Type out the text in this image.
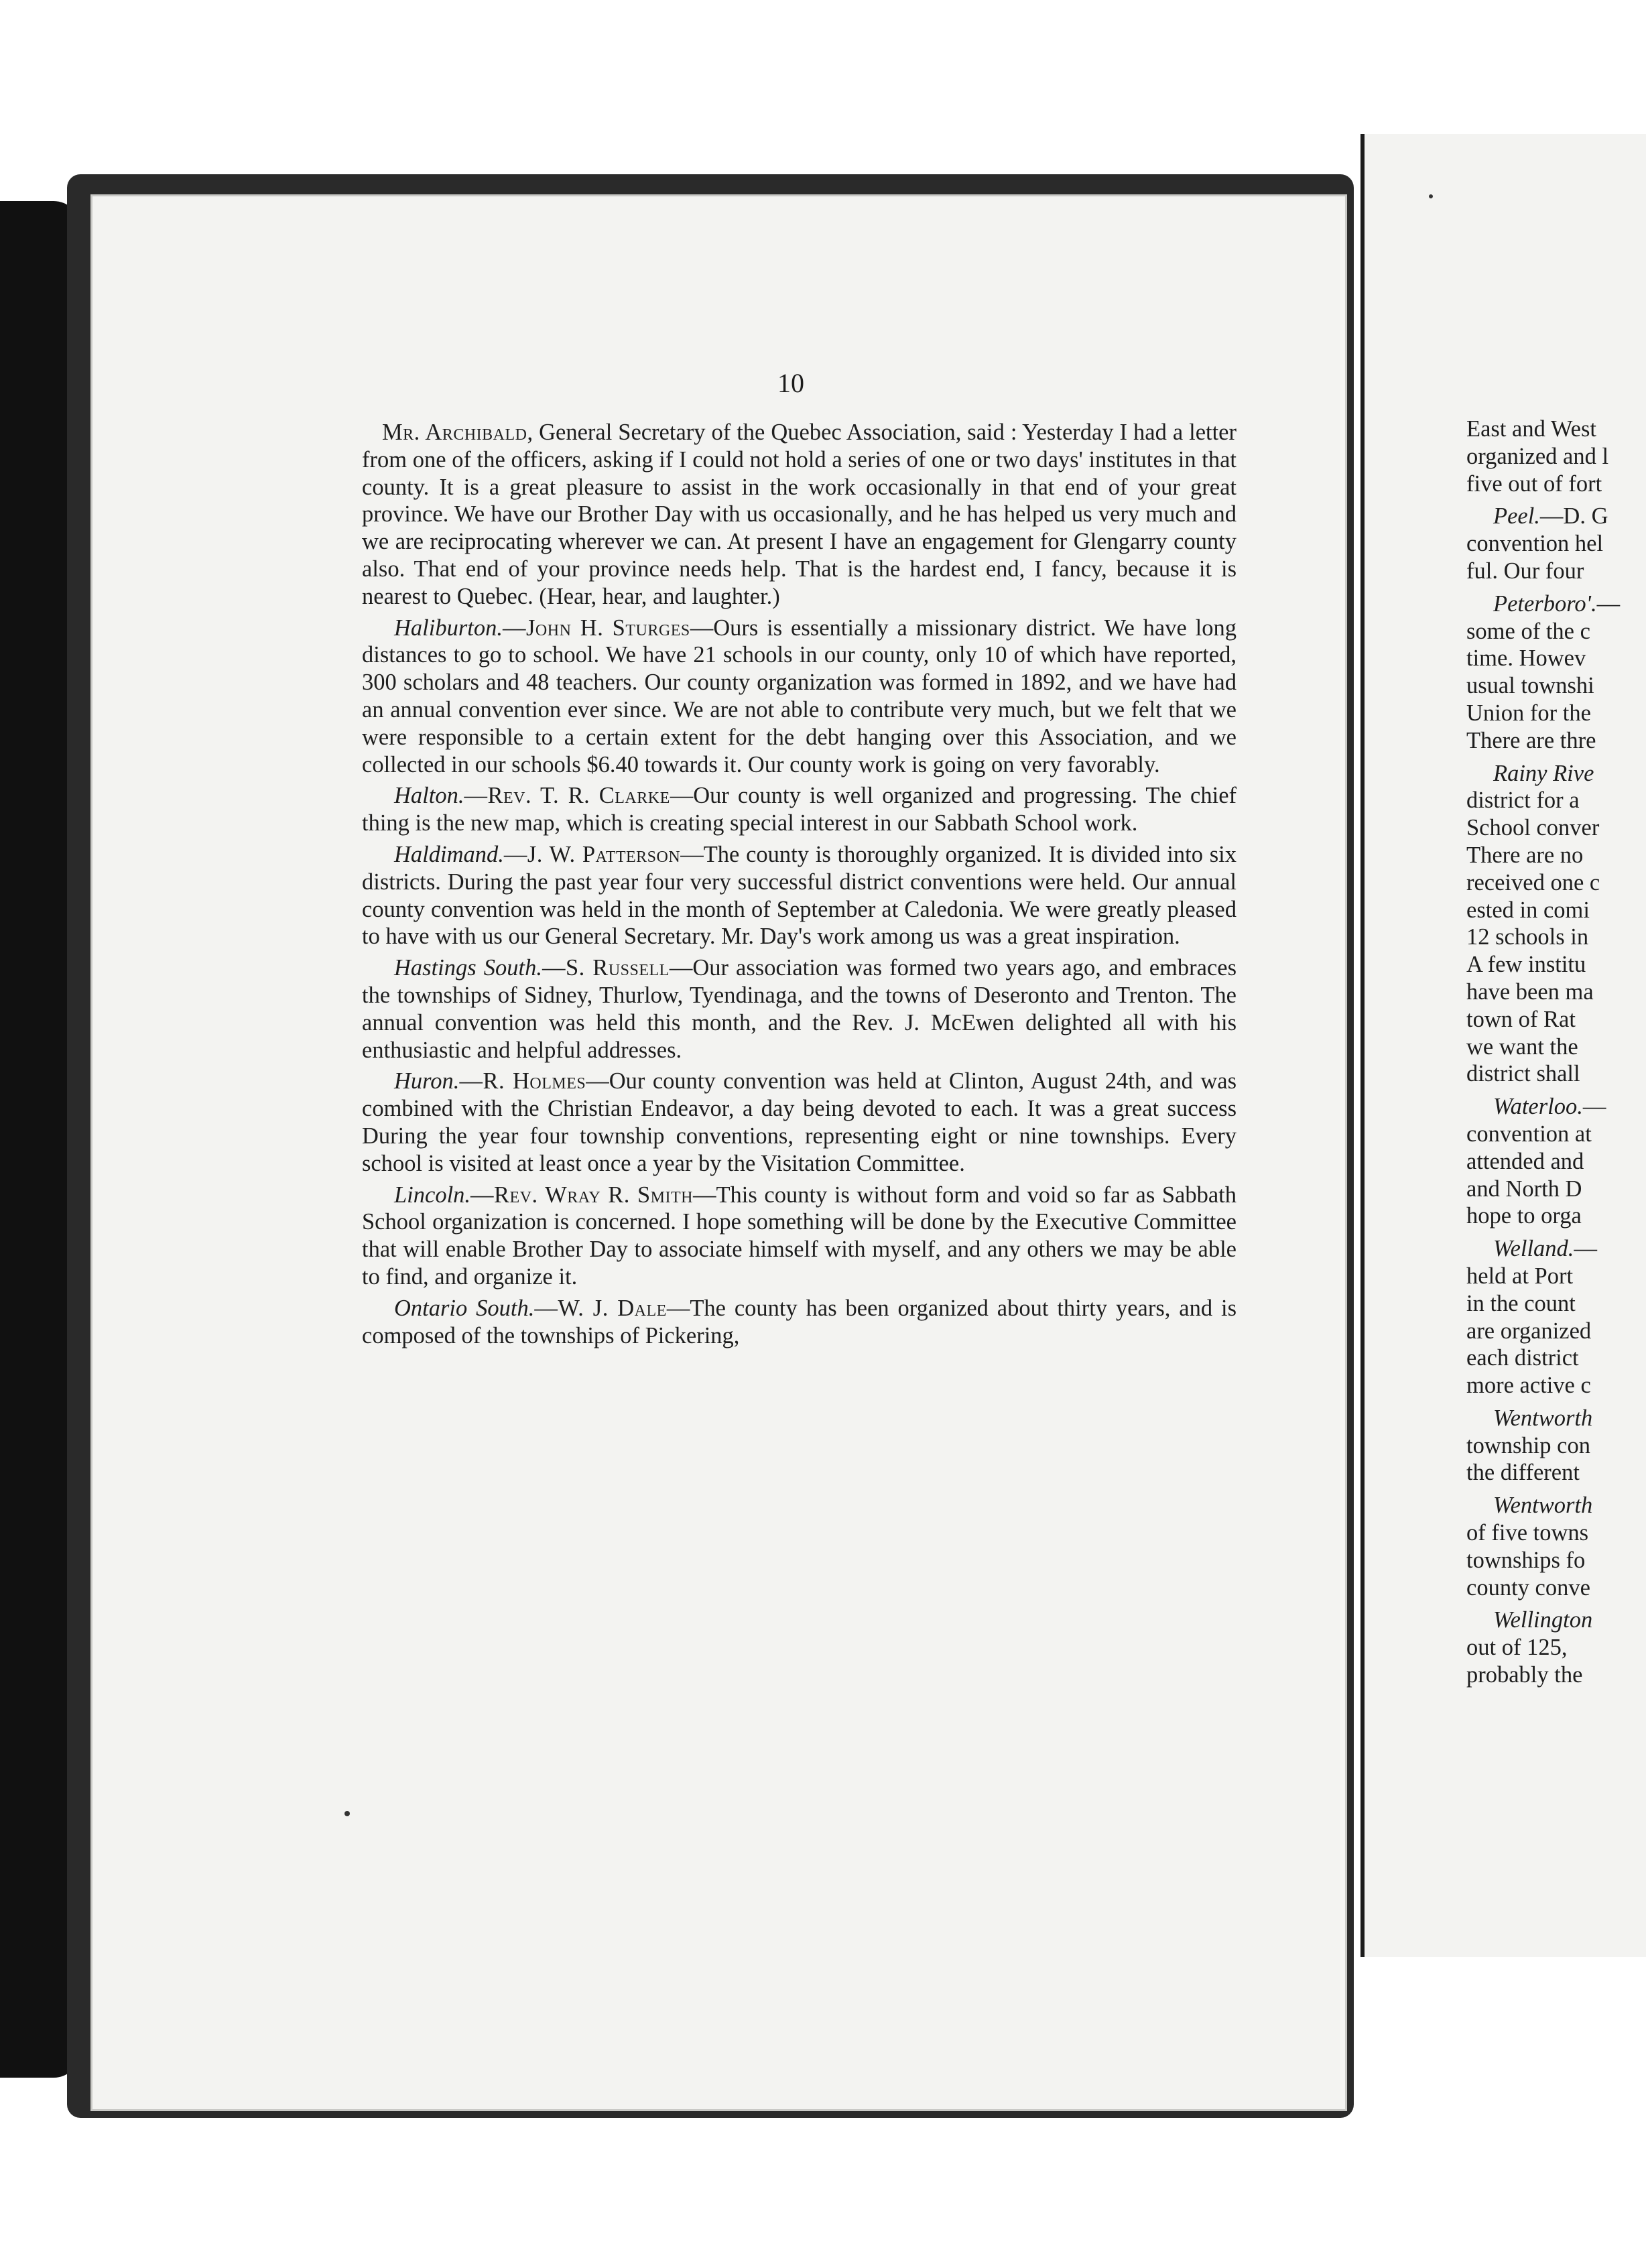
10

Mr. Archibald, General Secretary of the Quebec Association, said : Yesterday I had a letter from one of the officers, asking if I could not hold a series of one or two days' institutes in that county. It is a great pleasure to assist in the work occasionally in that end of your great province. We have our Brother Day with us occasionally, and he has helped us very much and we are reciprocating wherever we can. At present I have an engagement for Glengarry county also. That end of your province needs help. That is the hardest end, I fancy, because it is nearest to Quebec. (Hear, hear, and laughter.)

Haliburton.—John H. Sturges—Ours is essentially a missionary district. We have long distances to go to school. We have 21 schools in our county, only 10 of which have reported, 300 scholars and 48 teachers. Our county organization was formed in 1892, and we have had an annual convention ever since. We are not able to contribute very much, but we felt that we were responsible to a certain extent for the debt hanging over this Association, and we collected in our schools $6.40 towards it. Our county work is going on very favorably.

Halton.—Rev. T. R. Clarke—Our county is well organized and progressing. The chief thing is the new map, which is creating special interest in our Sabbath School work.

Haldimand.—J. W. Patterson—The county is thoroughly organized. It is divided into six districts. During the past year four very successful district conventions were held. Our annual county convention was held in the month of September at Caledonia. We were greatly pleased to have with us our General Secretary. Mr. Day's work among us was a great inspiration.

Hastings South.—S. Russell—Our association was formed two years ago, and embraces the townships of Sidney, Thurlow, Tyendinaga, and the towns of Deseronto and Trenton. The annual convention was held this month, and the Rev. J. McEwen delighted all with his enthusiastic and helpful addresses.

Huron.—R. Holmes—Our county convention was held at Clinton, August 24th, and was combined with the Christian Endeavor, a day being devoted to each. It was a great success During the year four township conventions, representing eight or nine townships. Every school is visited at least once a year by the Visitation Committee.

Lincoln.—Rev. Wray R. Smith—This county is without form and void so far as Sabbath School organization is concerned. I hope something will be done by the Executive Committee that will enable Brother Day to associate himself with myself, and any others we may be able to find, and organize it.

Ontario South.—W. J. Dale—The county has been organized about thirty years, and is composed of the townships of Pickering,

East and West
organized and l
five out of fort
Peel.—D. G
convention hel
ful. Our four
Peterboro'.—
some of the c
time. Howev
usual townshi
Union for the
There are thre
Rainy Rive
district for a
School conver
There are no
received one c
ested in comi
12 schools in
A few institu
have been ma
town of Rat
we want the
district shall
Waterloo.—
convention at
attended and
and North D
hope to orga
Welland.—
held at Port
in the count
are organized
each district
more active c
Wentworth
township con
the different
Wentworth
of five towns
townships fo
county conve
Wellington
out of 125,
probably the
